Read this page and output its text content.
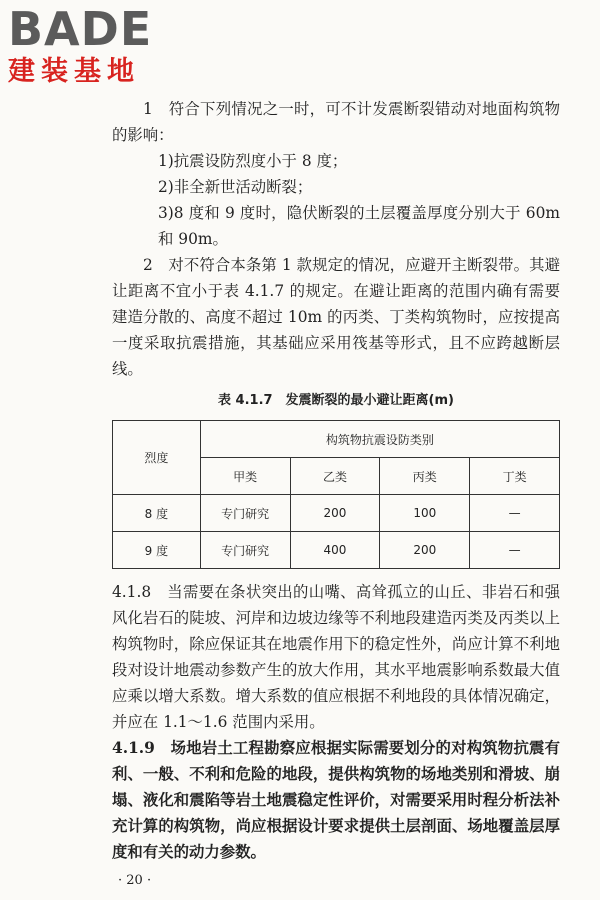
BADE
建装基地

1　符合下列情况之一时，可不计发震断裂错动对地面构筑物的影响：

1)抗震设防烈度小于 8 度；

2)非全新世活动断裂；

3)8 度和 9 度时，隐伏断裂的土层覆盖厚度分别大于 60m 和 90m。

2　对不符合本条第 1 款规定的情况，应避开主断裂带。其避让距离不宜小于表 4.1.7 的规定。在避让距离的范围内确有需要建造分散的、高度不超过 10m 的丙类、丁类构筑物时，应按提高一度采取抗震措施，其基础应采用筏基等形式，且不应跨越断层线。

表 4.1.7　发震断裂的最小避让距离(m)
烈度	构筑物抗震设防类别			
	甲类	乙类	丙类	丁类
8 度	专门研究	200	100	—
9 度	专门研究	400	200	—

4.1.8　当需要在条状突出的山嘴、高耸孤立的山丘、非岩石和强风化岩石的陡坡、河岸和边坡边缘等不利地段建造丙类及丙类以上构筑物时，除应保证其在地震作用下的稳定性外，尚应计算不利地段对设计地震动参数产生的放大作用，其水平地震影响系数最大值应乘以增大系数。增大系数的值应根据不利地段的具体情况确定，并应在 1.1～1.6 范围内采用。

4.1.9　场地岩土工程勘察应根据实际需要划分的对构筑物抗震有利、一般、不利和危险的地段，提供构筑物的场地类别和滑坡、崩塌、液化和震陷等岩土地震稳定性评价，对需要采用时程分析法补充计算的构筑物，尚应根据设计要求提供土层剖面、场地覆盖层厚度和有关的动力参数。

· 20 ·
